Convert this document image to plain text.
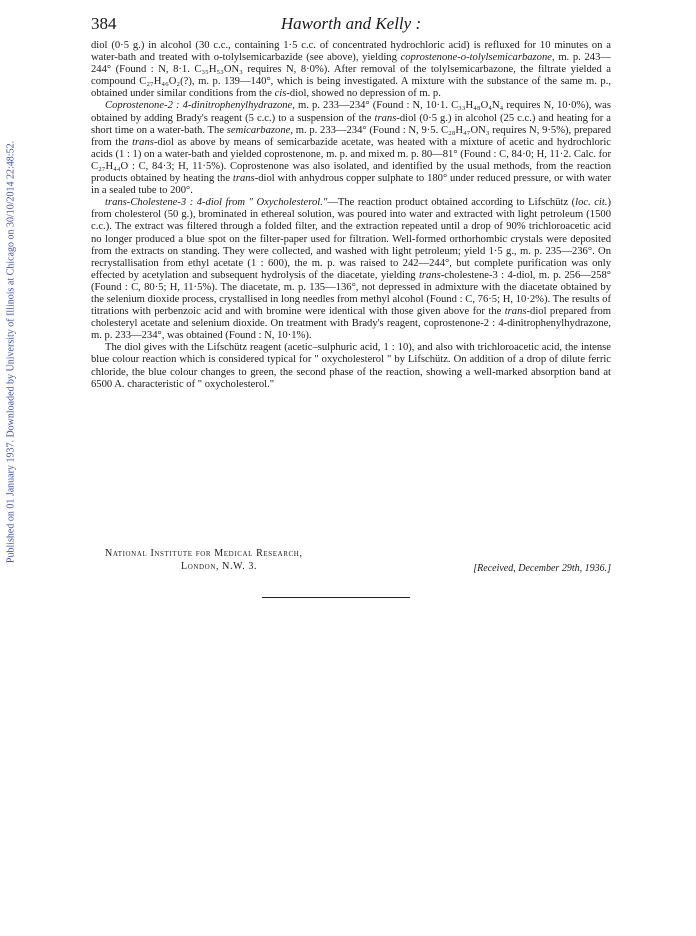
Published on 01 January 1937. Downloaded by University of Illinois at Chicago on 30/10/2014 22:48:52.
384	Haworth and Kelly :

diol (0·5 g.) in alcohol (30 c.c., containing 1·5 c.c. of concentrated hydrochloric acid) is refluxed for 10 minutes on a water-bath and treated with o-tolylsemicarbazide (see above), yielding coprostenone-o-tolylsemicarbazone, m. p. 243—244° (Found : N, 8·1. C₃₅H₅₃ON₃ requires N, 8·0%). After removal of the tolylsemicarbazone, the filtrate yielded a compound C₂₇H₄₆O₂(?), m. p. 139—140°, which is being investigated. A mixture with the substance of the same m. p., obtained under similar conditions from the cis-diol, showed no depression of m. p.

Coprostenone-2 : 4-dinitrophenylhydrazone, m. p. 233—234° (Found : N, 10·1. C₃₃H₄₈O₄N₄ requires N, 10·0%), was obtained by adding Brady's reagent (5 c.c.) to a suspension of the trans-diol (0·5 g.) in alcohol (25 c.c.) and heating for a short time on a water-bath. The semicarbazone, m. p. 233—234° (Found : N, 9·5. C₂₈H₄₇ON₃ requires N, 9·5%), prepared from the trans-diol as above by means of semicarbazide acetate, was heated with a mixture of acetic and hydrochloric acids (1 : 1) on a water-bath and yielded coprostenone, m. p. and mixed m. p. 80—81° (Found : C, 84·0; H, 11·2. Calc. for C₂₇H₄₄O : C, 84·3; H, 11·5%). Coprostenone was also isolated, and identified by the usual methods, from the reaction products obtained by heating the trans-diol with anhydrous copper sulphate to 180° under reduced pressure, or with water in a sealed tube to 200°.

trans-Cholestene-3 : 4-diol from " Oxycholesterol."—The reaction product obtained according to Lifschütz (loc. cit.) from cholesterol (50 g.), brominated in ethereal solution, was poured into water and extracted with light petroleum (1500 c.c.). The extract was filtered through a folded filter, and the extraction repeated until a drop of 90% trichloroacetic acid no longer produced a blue spot on the filter-paper used for filtration. Well-formed orthorhombic crystals were deposited from the extracts on standing. They were collected, and washed with light petroleum; yield 1·5 g., m. p. 235—236°. On recrystallisation from ethyl acetate (1 : 600), the m. p. was raised to 242—244°, but complete purification was only effected by acetylation and subsequent hydrolysis of the diacetate, yielding trans-cholestene-3 : 4-diol, m. p. 256—258° (Found : C, 80·5; H, 11·5%). The diacetate, m. p. 135—136°, not depressed in admixture with the diacetate obtained by the selenium dioxide process, crystallised in long needles from methyl alcohol (Found : C, 76·5; H, 10·2%). The results of titrations with perbenzoic acid and with bromine were identical with those given above for the trans-diol prepared from cholesteryl acetate and selenium dioxide. On treatment with Brady's reagent, coprostenone-2 : 4-dinitrophenylhydrazone, m. p. 233—234°, was obtained (Found : N, 10·1%).

The diol gives with the Lifschütz reagent (acetic–sulphuric acid, 1 : 10), and also with trichloroacetic acid, the intense blue colour reaction which is considered typical for " oxycholesterol " by Lifschütz. On addition of a drop of dilute ferric chloride, the blue colour changes to green, the second phase of the reaction, showing a well-marked absorption band at 6500 A. characteristic of " oxycholesterol."

National Institute for Medical Research,
London, N.W. 3.	[Received, December 29th, 1936.]
